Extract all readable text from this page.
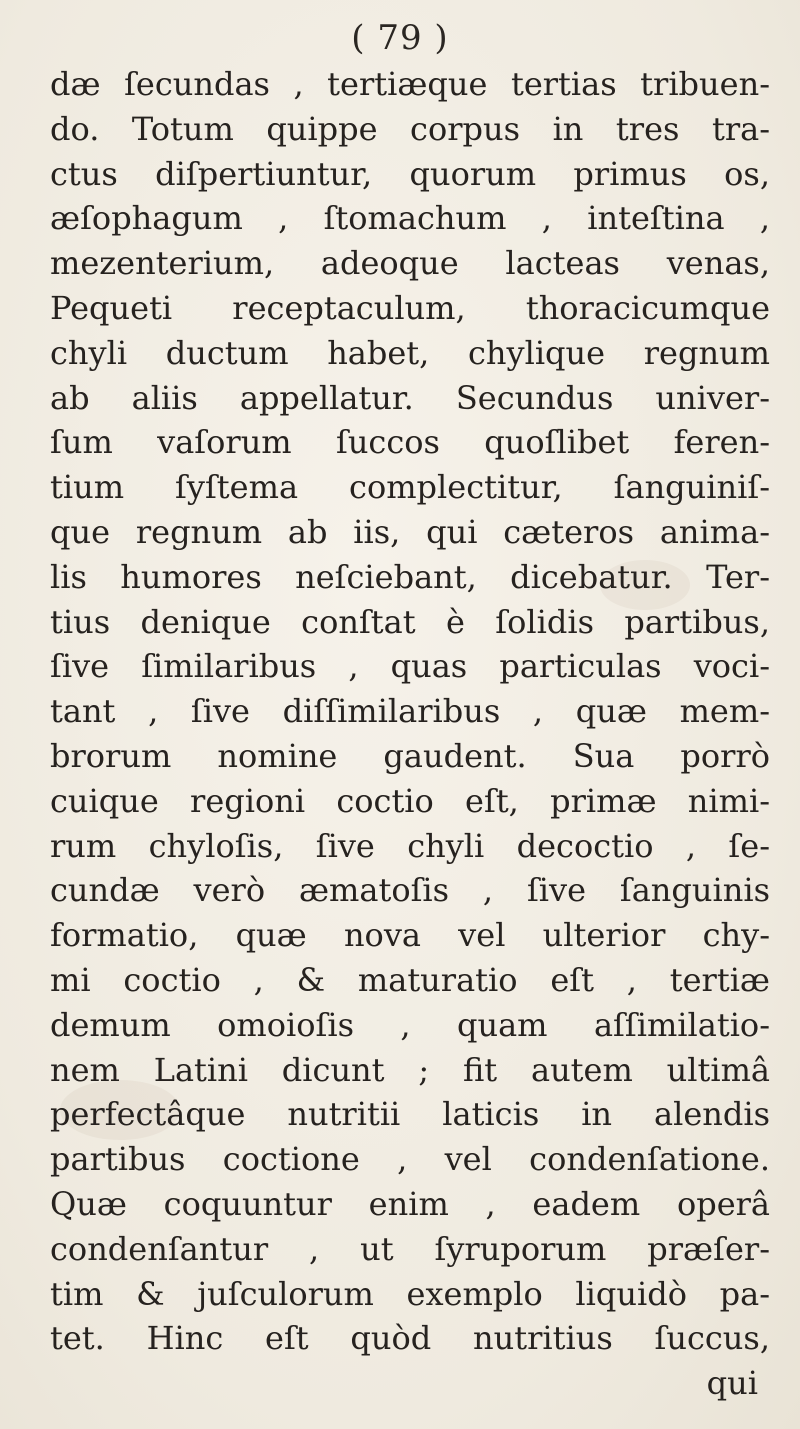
( 79 )
dæ ſecundas , tertiæque tertias tribuen-
do. Totum quippe corpus in tres tra-
ctus diſpertiuntur, quorum primus os,
æſophagum , ſtomachum , inteſtina ,
mezenterium, adeoque lacteas venas,
Pequeti receptaculum, thoracicumque
chyli ductum habet, chylique regnum
ab aliis appellatur. Secundus univer-
ſum vaſorum ſuccos quoſlibet feren-
tium ſyſtema complectitur, ſanguiniſ-
que regnum ab iis, qui cæteros anima-
lis humores neſciebant, dicebatur. Ter-
tius denique conſtat è ſolidis partibus,
ſive ſimilaribus , quas particulas voci-
tant , ſive diſſimilaribus , quæ mem-
brorum nomine gaudent. Sua porrò
cuique regioni coctio eſt, primæ nimi-
rum chyloſis, ſive chyli decoctio , ſe-
cundæ verò æmatoſis , ſive ſanguinis
formatio, quæ nova vel ulterior chy-
mi coctio , & maturatio eſt , tertiæ
demum omoioſis , quam aſſimilatio-
nem Latini dicunt ; fit autem ultimâ
perfectâque nutritii laticis in alendis
partibus coctione , vel condenſatione.
Quæ coquuntur enim , eadem operâ
condenſantur , ut ſyruporum præſer-
tim & juſculorum exemplo liquidò pa-
tet. Hinc eſt quòd nutritius ſuccus,
qui
